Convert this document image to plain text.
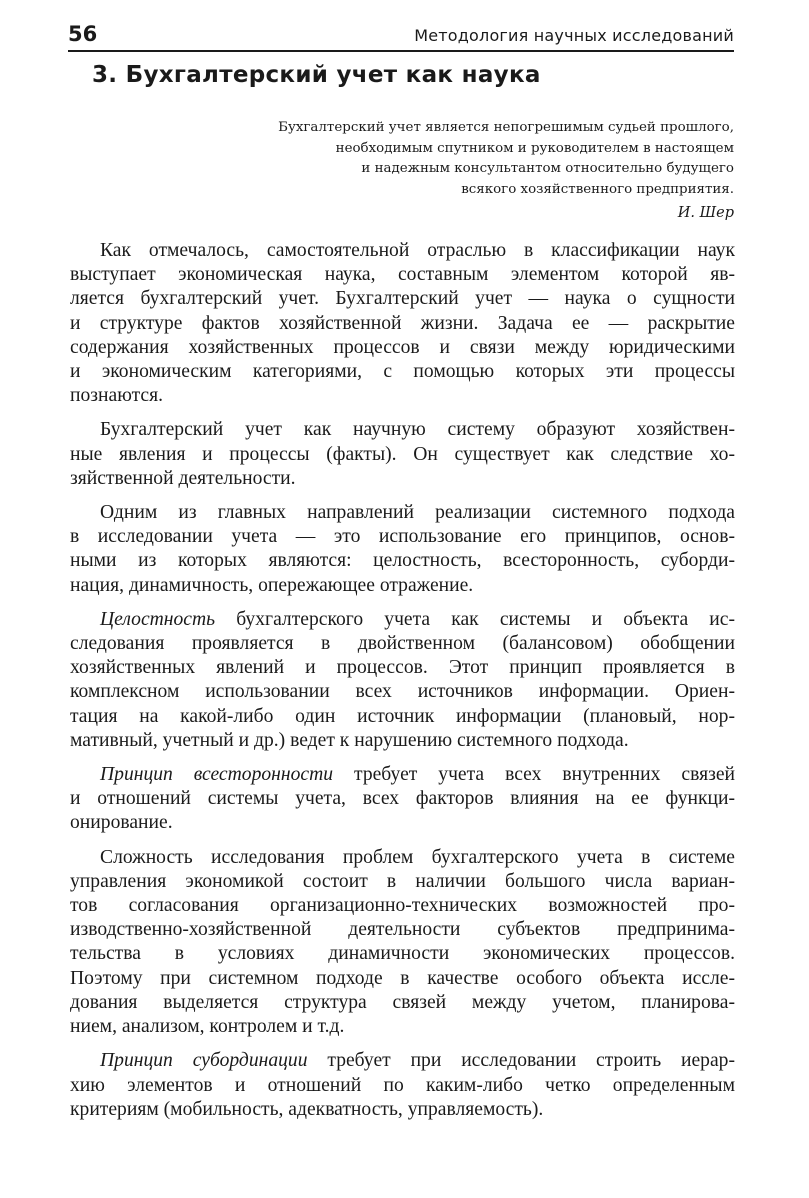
56	Методология научных исследований
3. Бухгалтерский учет как наука
Бухгалтерский учет является непогрешимым судьей прошлого,
необходимым спутником и руководителем в настоящем
и надежным консультантом относительно будущего
всякого хозяйственного предприятия.
И. Шер

Как отмечалось, самостоятельной отраслью в классификации наук
выступает экономическая наука, составным элементом которой яв-
ляется бухгалтерский учет. Бухгалтерский учет — наука о сущности
и структуре фактов хозяйственной жизни. Задача ее — раскрытие
содержания хозяйственных процессов и связи между юридическими
и экономическим категориями, с помощью которых эти процессы
познаются.

Бухгалтерский учет как научную систему образуют хозяйствен-
ные явления и процессы (факты). Он существует как следствие хо-
зяйственной деятельности.

Одним из главных направлений реализации системного подхода
в исследовании учета — это использование его принципов, основ-
ными из которых являются: целостность, всесторонность, суборди-
нация, динамичность, опережающее отражение.

Целостность бухгалтерского учета как системы и объекта ис-
следования проявляется в двойственном (балансовом) обобщении
хозяйственных явлений и процессов. Этот принцип проявляется в
комплексном использовании всех источников информации. Ориен-
тация на какой-либо один источник информации (плановый, нор-
мативный, учетный и др.) ведет к нарушению системного подхода.

Принцип всесторонности требует учета всех внутренних связей
и отношений системы учета, всех факторов влияния на ее функци-
онирование.

Сложность исследования проблем бухгалтерского учета в системе
управления экономикой состоит в наличии большого числа вариан-
тов согласования организационно-технических возможностей про-
изводственно-хозяйственной деятельности субъектов предпринима-
тельства в условиях динамичности экономических процессов.
Поэтому при системном подходе в качестве особого объекта иссле-
дования выделяется структура связей между учетом, планирова-
нием, анализом, контролем и т.д.

Принцип субординации требует при исследовании строить иерар-
хию элементов и отношений по каким-либо четко определенным
критериям (мобильность, адекватность, управляемость).
